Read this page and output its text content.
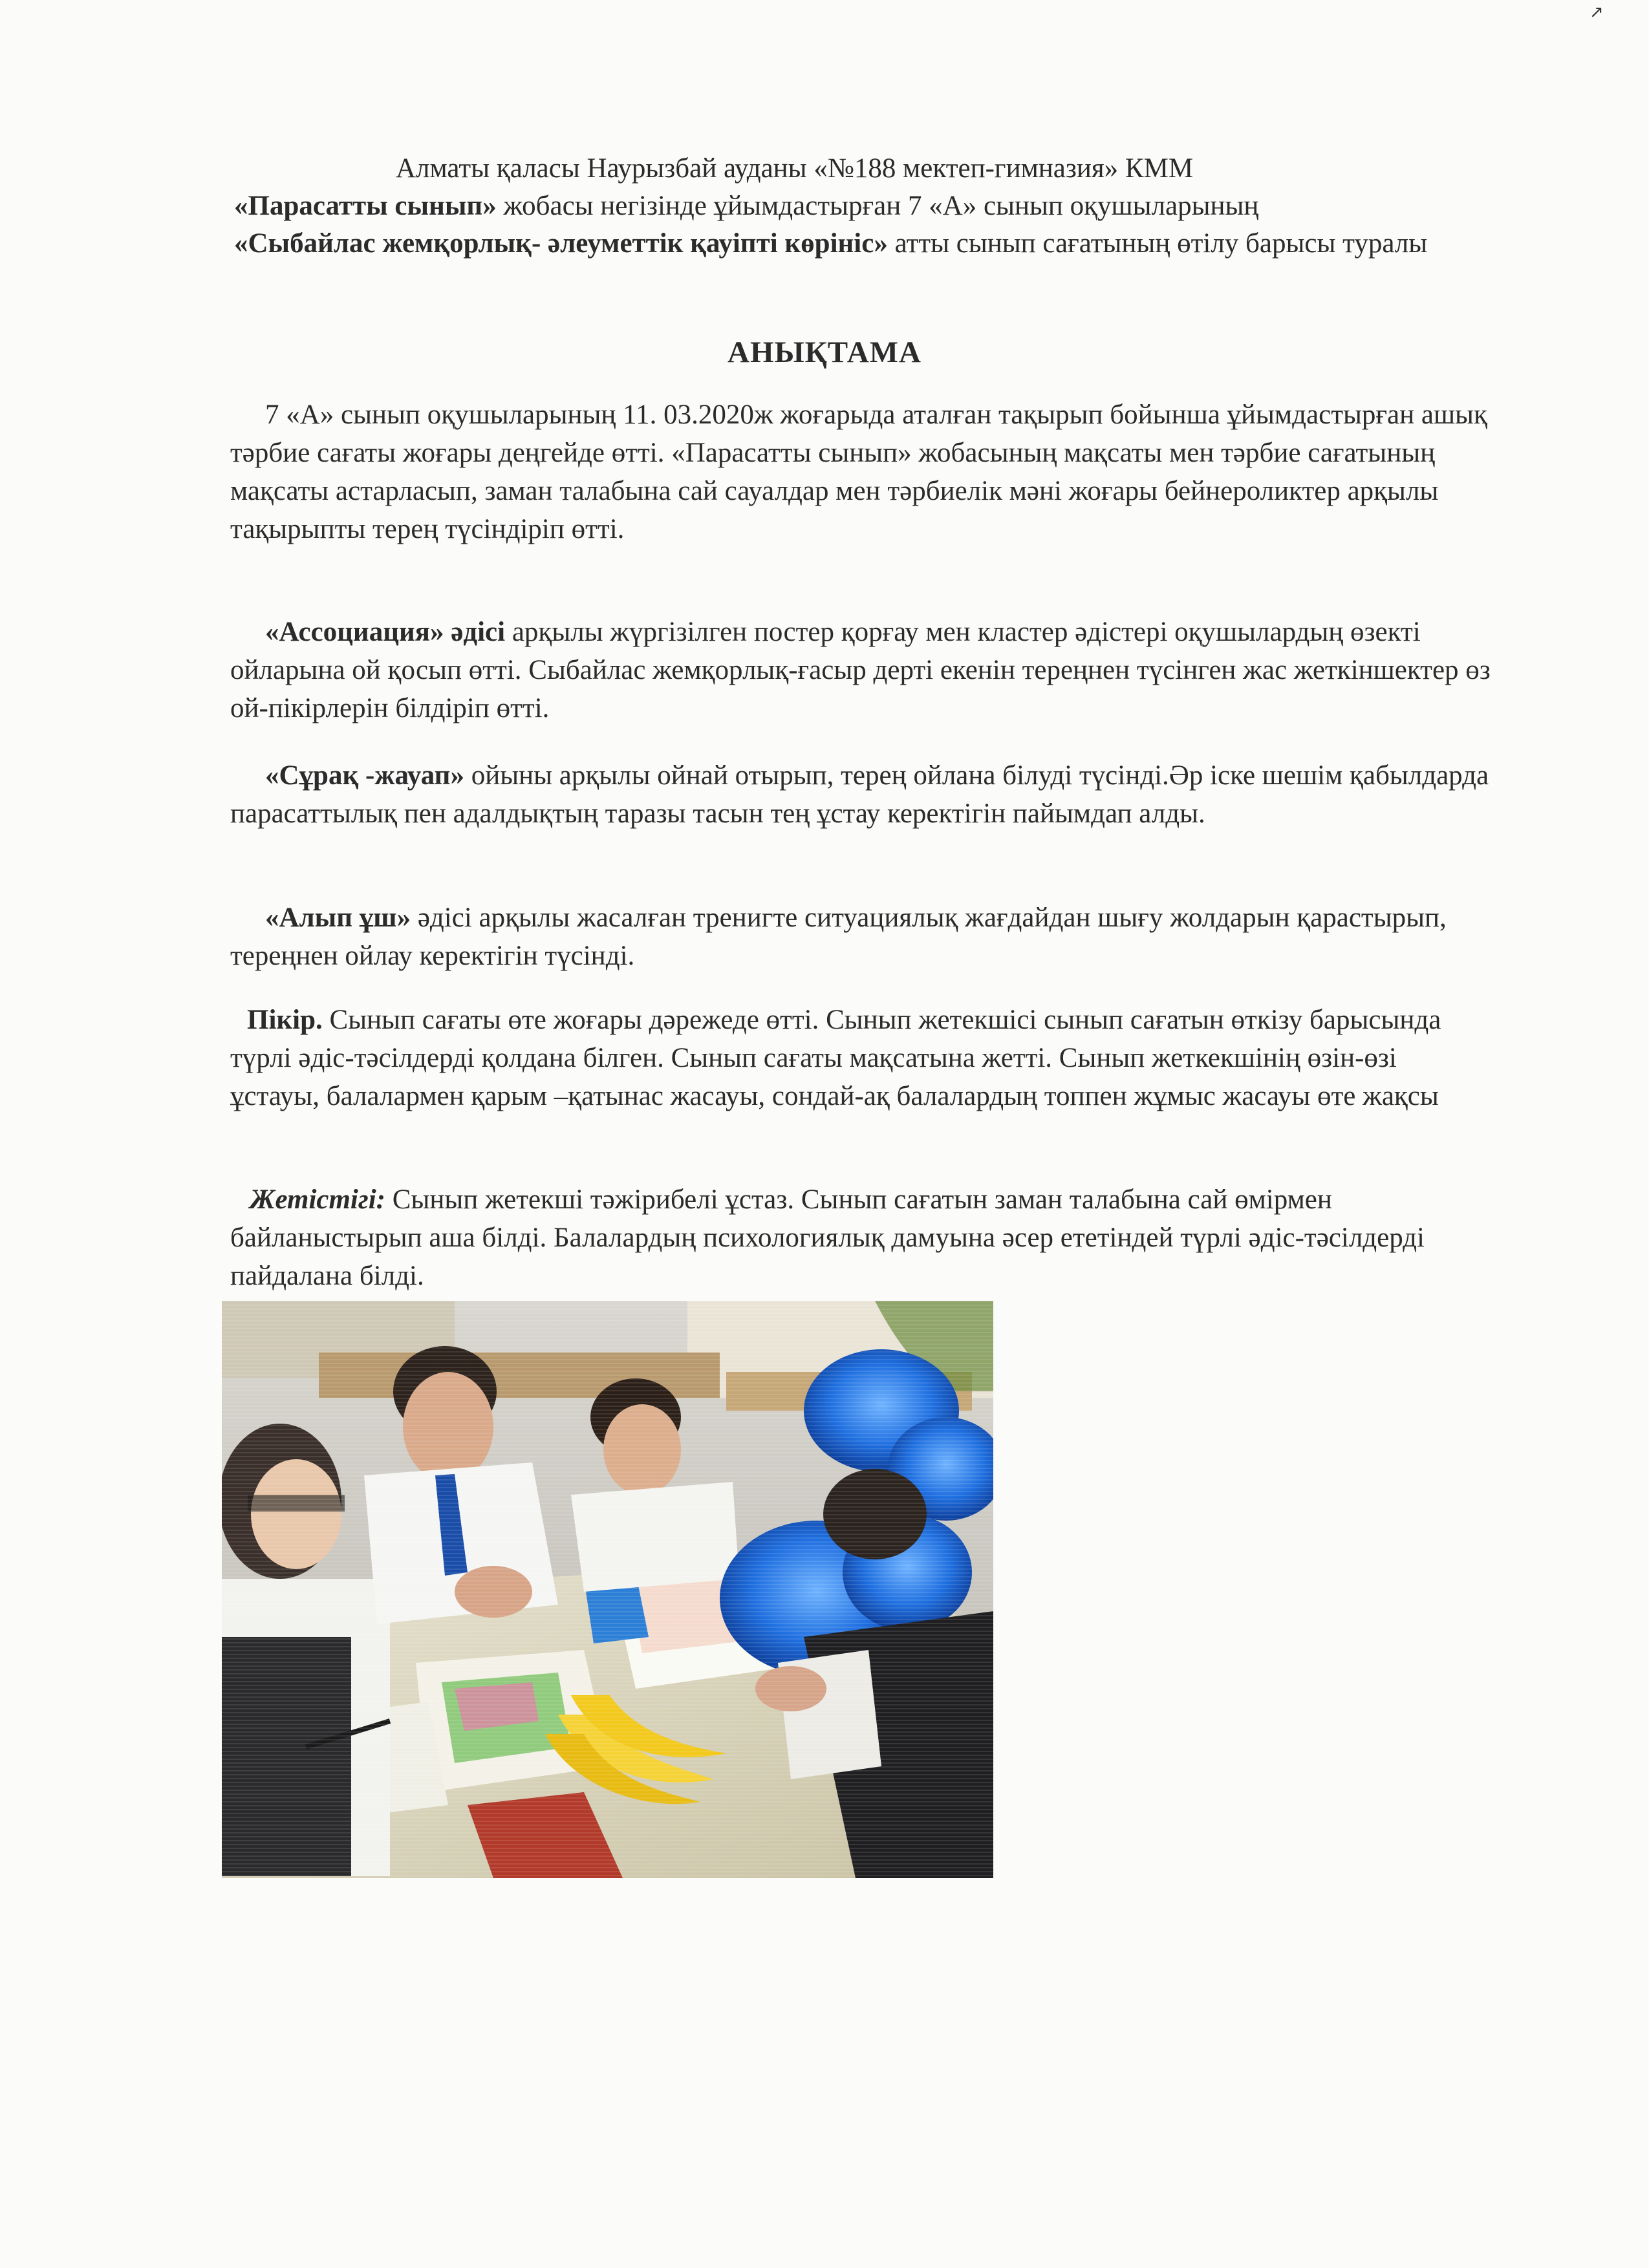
↗

Алматы қаласы Наурызбай ауданы «№188 мектеп-гимназия» КММ

«Парасатты сынып» жобасы негізінде ұйымдастырған 7 «А» сынып оқушыларының

«Сыбайлас жемқорлық- әлеуметтік қауіпті көрініс» атты сынып сағатының өтілу барысы туралы

АНЫҚТАМА

7 «А» сынып оқушыларының 11. 03.2020ж жоғарыда аталған тақырып бойынша ұйымдастырған ашық тәрбие сағаты жоғары деңгейде өтті. «Парасатты сынып» жобасының мақсаты мен тәрбие сағатының мақсаты астарласып, заман талабына сай сауалдар мен тәрбиелік мәні жоғары бейнероликтер арқылы тақырыпты терең түсіндіріп өтті.

«Ассоциация» әдісі арқылы жүргізілген постер қорғау мен кластер әдістері оқушылардың өзекті ойларына ой қосып өтті. Сыбайлас жемқорлық-ғасыр дерті екенін тереңнен түсінген жас жеткіншектер өз ой-пікірлерін білдіріп өтті.

«Сұрақ -жауап» ойыны арқылы ойнай отырып, терең ойлана білуді түсінді.Әр іске шешім қабылдарда парасаттылық пен адалдықтың таразы тасын тең ұстау керектігін пайымдап алды.

«Алып ұш» әдісі арқылы жасалған тренигте ситуациялық жағдайдан шығу жолдарын қарастырып, тереңнен ойлау керектігін түсінді.

Пікір. Сынып сағаты өте жоғары дәрежеде өтті. Сынып жетекшісі сынып сағатын өткізу барысында түрлі әдіс-тәсілдерді қолдана білген. Сынып сағаты мақсатына жетті. Сынып жеткекшінің өзін-өзі ұстауы, балалармен қарым –қатынас жасауы, сондай-ақ балалардың топпен жұмыс жасауы өте жақсы

Жетістігі: Сынып жетекші тәжірибелі ұстаз. Сынып сағатын заман талабына сай өмірмен байланыстырып аша білді. Балалардың психологиялық дамуына әсер ететіндей түрлі әдіс-тәсілдерді пайдалана білді.
